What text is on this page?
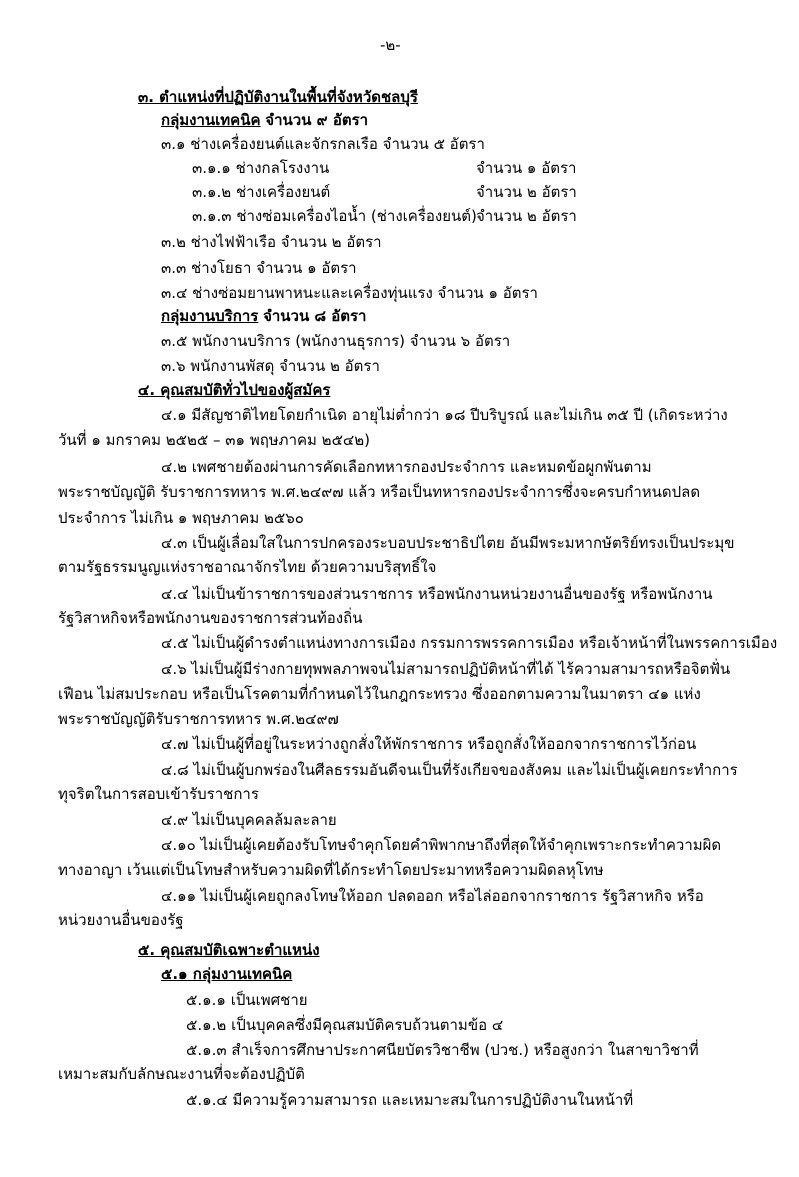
-๒-
๓. ตำแหน่งที่ปฏิบัติงานในพื้นที่จังหวัดชลบุรี
กลุ่มงานเทคนิค จำนวน ๙ อัตรา
๓.๑ ช่างเครื่องยนต์และจักรกลเรือ จำนวน ๕ อัตรา
๓.๑.๑ ช่างกลโรงงาน	จำนวน ๑ อัตรา
๓.๑.๒ ช่างเครื่องยนต์	จำนวน ๒ อัตรา
๓.๑.๓ ช่างซ่อมเครื่องไอน้ำ (ช่างเครื่องยนต์) จำนวน ๒ อัตรา
๓.๒ ช่างไฟฟ้าเรือ จำนวน ๒ อัตรา
๓.๓ ช่างโยธา จำนวน ๑ อัตรา
๓.๔ ช่างซ่อมยานพาหนะและเครื่องทุ่นแรง จำนวน ๑ อัตรา
กลุ่มงานบริการ จำนวน ๘ อัตรา
๓.๕ พนักงานบริการ (พนักงานธุรการ) จำนวน ๖ อัตรา
๓.๖ พนักงานพัสดุ จำนวน ๒ อัตรา
๔. คุณสมบัติทั่วไปของผู้สมัคร
๔.๑ มีสัญชาติไทยโดยกำเนิด อายุไม่ต่ำกว่า ๑๘ ปีบริบูรณ์ และไม่เกิน ๓๕ ปี (เกิดระหว่าง
วันที่ ๑ มกราคม ๒๕๒๕ – ๓๑ พฤษภาคม ๒๕๔๒)
๔.๒ เพศชายต้องผ่านการคัดเลือกทหารกองประจำการ และหมดข้อผูกพันตาม
พระราชบัญญัติ รับราชการทหาร พ.ศ.๒๔๙๗ แล้ว หรือเป็นทหารกองประจำการซึ่งจะครบกำหนดปลด
ประจำการ ไม่เกิน ๑ พฤษภาคม ๒๕๖๐
๔.๓ เป็นผู้เลื่อมใสในการปกครองระบอบประชาธิปไตย อันมีพระมหากษัตริย์ทรงเป็นประมุข
ตามรัฐธรรมนูญแห่งราชอาณาจักรไทย ด้วยความบริสุทธิ์ใจ
๔.๔ ไม่เป็นข้าราชการของส่วนราชการ หรือพนักงานหน่วยงานอื่นของรัฐ หรือพนักงาน
รัฐวิสาหกิจหรือพนักงานของราชการส่วนท้องถิ่น
๔.๕ ไม่เป็นผู้ดำรงตำแหน่งทางการเมือง กรรมการพรรคการเมือง หรือเจ้าหน้าที่ในพรรคการเมือง
๔.๖ ไม่เป็นผู้มีร่างกายทุพพลภาพจนไม่สามารถปฏิบัติหน้าที่ได้ ไร้ความสามารถหรือจิตฟั่น
เฟือน ไม่สมประกอบ หรือเป็นโรคตามที่กำหนดไว้ในกฎกระทรวง ซึ่งออกตามความในมาตรา ๔๑ แห่ง
พระราชบัญญัติรับราชการทหาร พ.ศ.๒๔๙๗
๔.๗ ไม่เป็นผู้ที่อยู่ในระหว่างถูกสั่งให้พักราชการ หรือถูกสั่งให้ออกจากราชการไว้ก่อน
๔.๘ ไม่เป็นผู้บกพร่องในศีลธรรมอันดีจนเป็นที่รังเกียจของสังคม และไม่เป็นผู้เคยกระทำการ
ทุจริตในการสอบเข้ารับราชการ
๔.๙ ไม่เป็นบุคคลล้มละลาย
๔.๑๐ ไม่เป็นผู้เคยต้องรับโทษจำคุกโดยคำพิพากษาถึงที่สุดให้จำคุกเพราะกระทำความผิด
ทางอาญา เว้นแต่เป็นโทษสำหรับความผิดที่ได้กระทำโดยประมาทหรือความผิดลหุโทษ
๔.๑๑ ไม่เป็นผู้เคยถูกลงโทษให้ออก ปลดออก หรือไล่ออกจากราชการ รัฐวิสาหกิจ หรือ
หน่วยงานอื่นของรัฐ
๕. คุณสมบัติเฉพาะตำแหน่ง
๕.๑ กลุ่มงานเทคนิค
๕.๑.๑ เป็นเพศชาย
๕.๑.๒ เป็นบุคคลซึ่งมีคุณสมบัติครบถ้วนตามข้อ ๔
๕.๑.๓ สำเร็จการศึกษาประกาศนียบัตรวิชาชีพ (ปวช.) หรือสูงกว่า ในสาขาวิชาที่
เหมาะสมกับลักษณะงานที่จะต้องปฏิบัติ
๕.๑.๔ มีความรู้ความสามารถ และเหมาะสมในการปฏิบัติงานในหน้าที่
